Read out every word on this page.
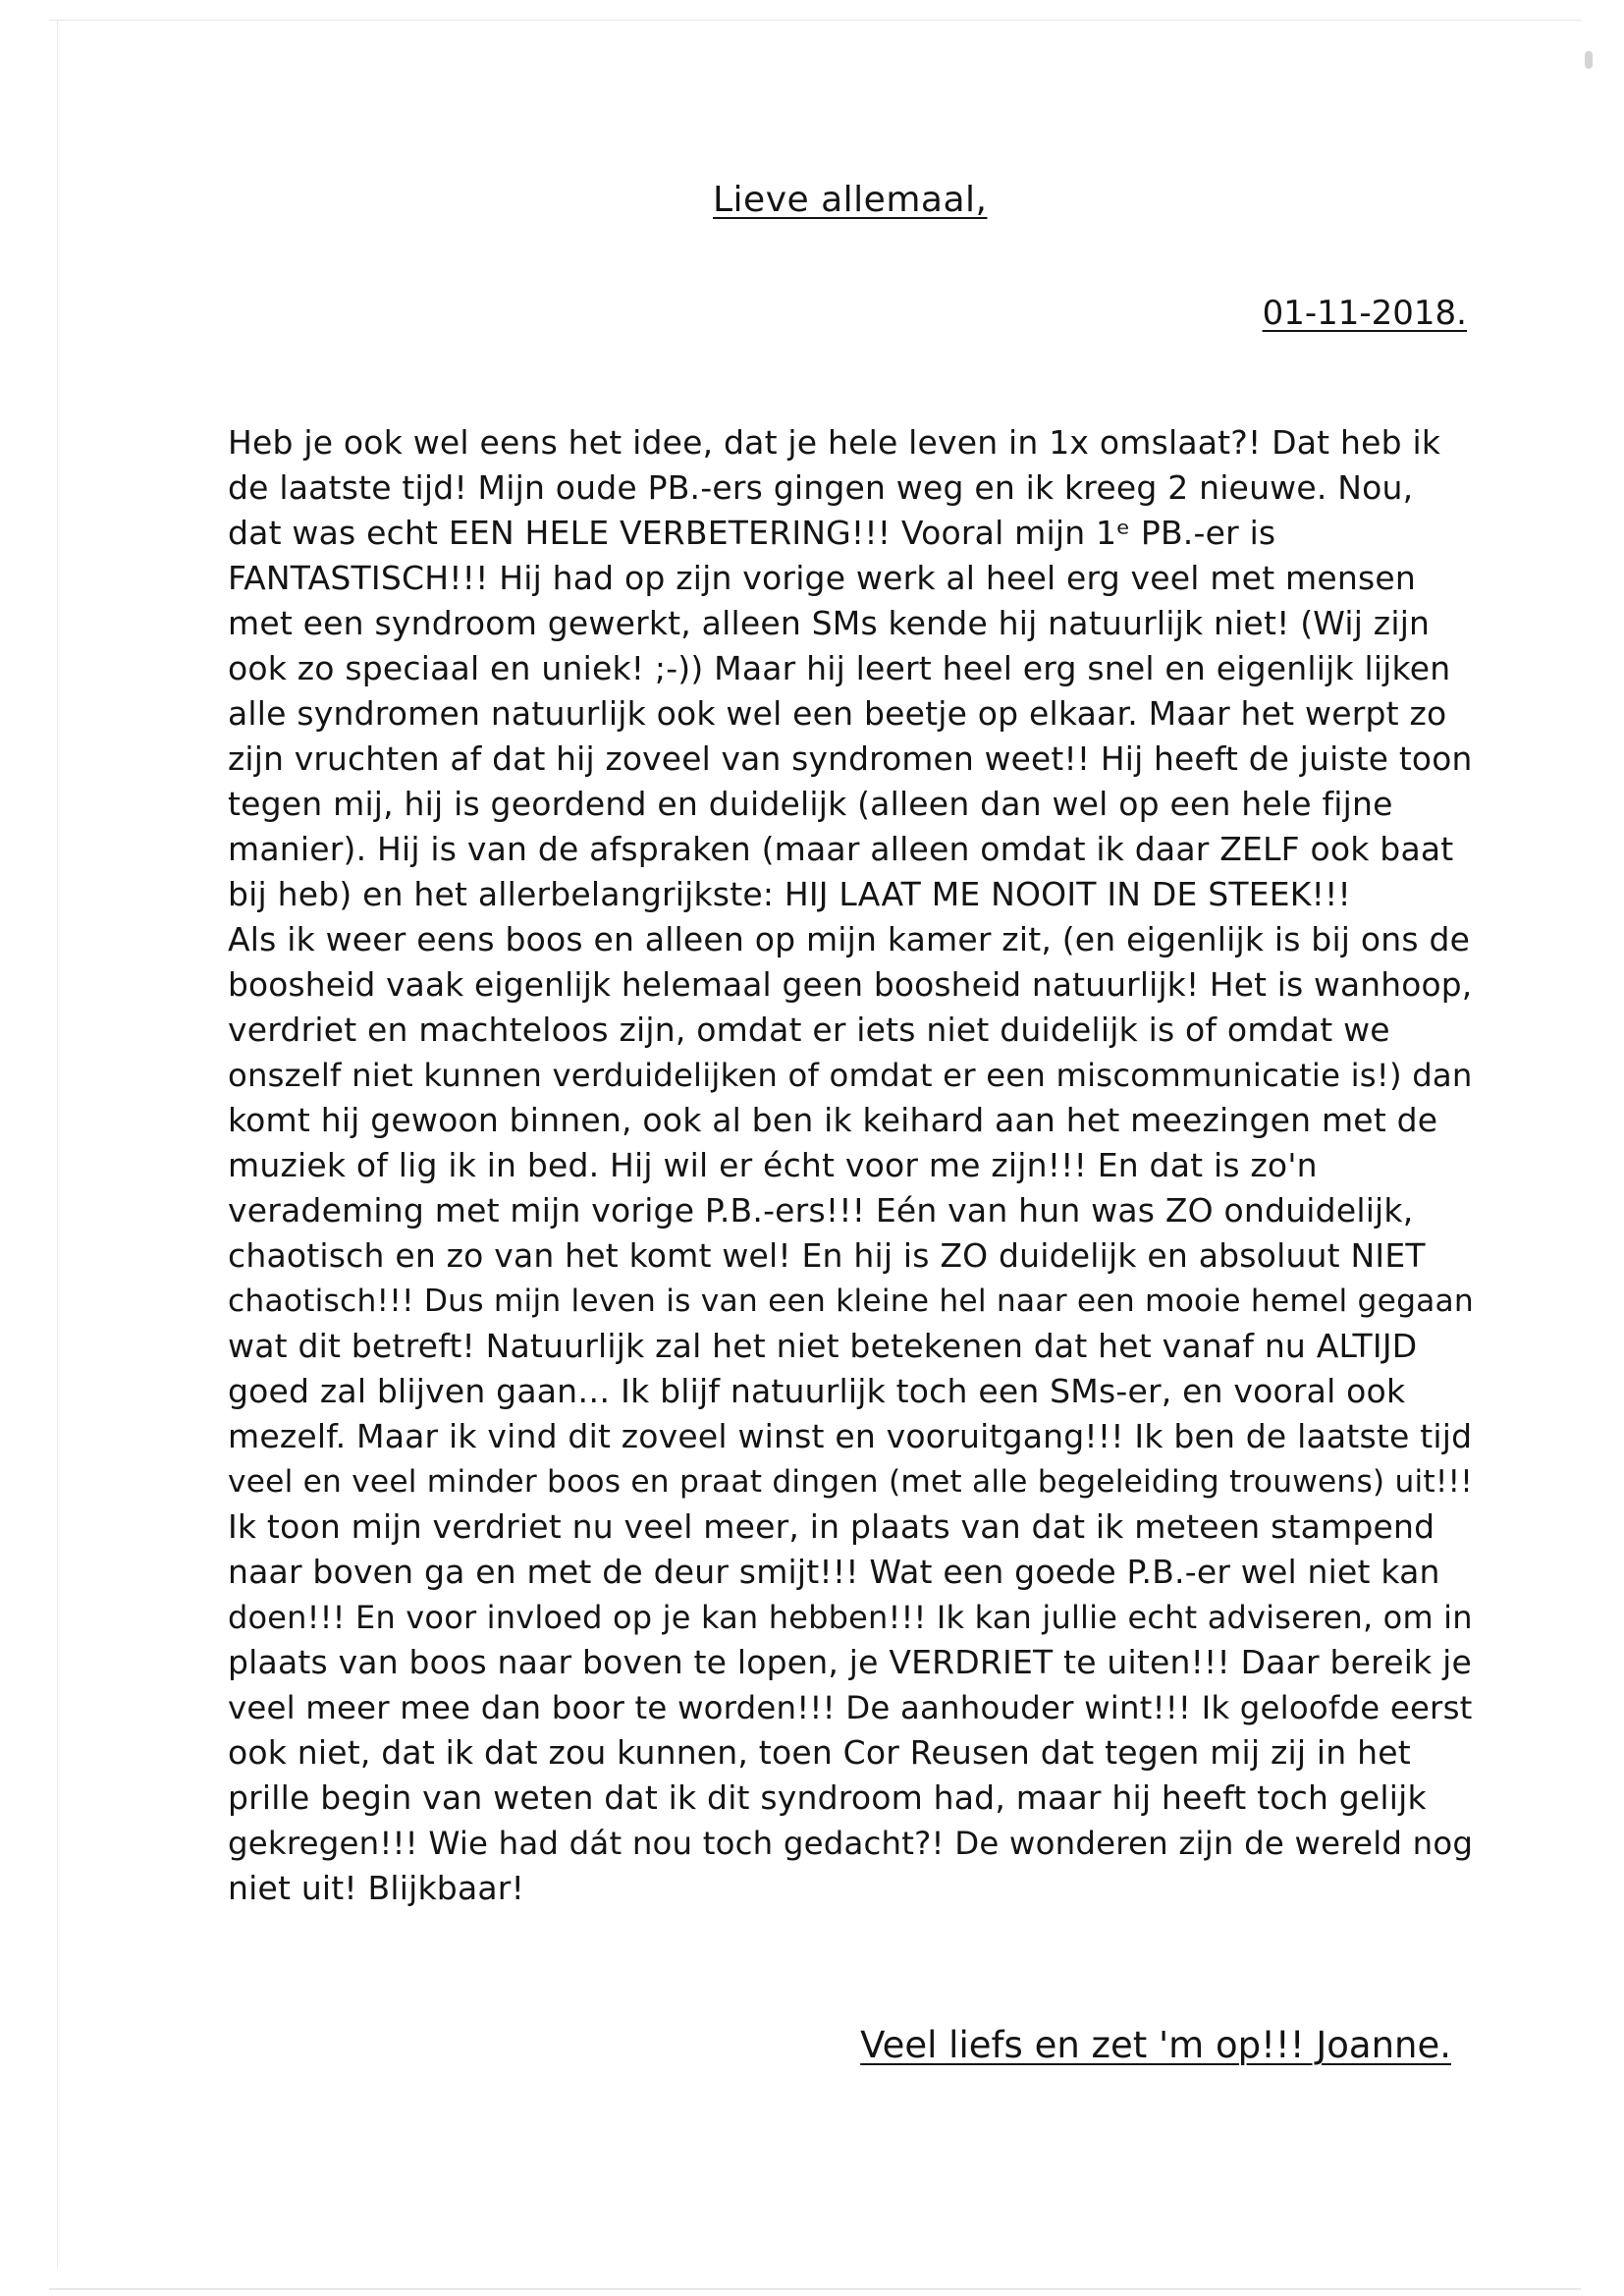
Lieve allemaal,
01-11-2018.
Heb je ook wel eens het idee, dat je hele leven in 1x omslaat?! Dat heb ik
de laatste tijd! Mijn oude PB.-ers gingen weg en ik kreeg 2 nieuwe. Nou,
dat was echt EEN HELE VERBETERING!!! Vooral mijn 1ᵉ PB.-er is
FANTASTISCH!!! Hij had op zijn vorige werk al heel erg veel met mensen
met een syndroom gewerkt, alleen SMs kende hij natuurlijk niet! (Wij zijn
ook zo speciaal en uniek! ;-)) Maar hij leert heel erg snel en eigenlijk lijken
alle syndromen natuurlijk ook wel een beetje op elkaar. Maar het werpt zo
zijn vruchten af dat hij zoveel van syndromen weet!! Hij heeft de juiste toon
tegen mij, hij is geordend en duidelijk (alleen dan wel op een hele fijne
manier). Hij is van de afspraken (maar alleen omdat ik daar ZELF ook baat
bij heb) en het allerbelangrijkste: HIJ LAAT ME NOOIT IN DE STEEK!!!
Als ik weer eens boos en alleen op mijn kamer zit, (en eigenlijk is bij ons de
boosheid vaak eigenlijk helemaal geen boosheid natuurlijk! Het is wanhoop,
verdriet en machteloos zijn, omdat er iets niet duidelijk is of omdat we
onszelf niet kunnen verduidelijken of omdat er een miscommunicatie is!) dan
komt hij gewoon binnen, ook al ben ik keihard aan het meezingen met de
muziek of lig ik in bed. Hij wil er écht voor me zijn!!! En dat is zo'n
verademing met mijn vorige P.B.-ers!!! Eén van hun was ZO onduidelijk,
chaotisch en zo van het komt wel! En hij is ZO duidelijk en absoluut NIET
chaotisch!!! Dus mijn leven is van een kleine hel naar een mooie hemel gegaan
wat dit betreft! Natuurlijk zal het niet betekenen dat het vanaf nu ALTIJD
goed zal blijven gaan… Ik blijf natuurlijk toch een SMs-er, en vooral ook
mezelf. Maar ik vind dit zoveel winst en vooruitgang!!! Ik ben de laatste tijd
veel en veel minder boos en praat dingen (met alle begeleiding trouwens) uit!!!
Ik toon mijn verdriet nu veel meer, in plaats van dat ik meteen stampend
naar boven ga en met de deur smijt!!! Wat een goede P.B.-er wel niet kan
doen!!! En voor invloed op je kan hebben!!! Ik kan jullie echt adviseren, om in
plaats van boos naar boven te lopen, je VERDRIET te uiten!!! Daar bereik je
veel meer mee dan boor te worden!!! De aanhouder wint!!! Ik geloofde eerst
ook niet, dat ik dat zou kunnen, toen Cor Reusen dat tegen mij zij in het
prille begin van weten dat ik dit syndroom had, maar hij heeft toch gelijk
gekregen!!! Wie had dát nou toch gedacht?! De wonderen zijn de wereld nog
niet uit! Blijkbaar!
Veel liefs en zet 'm op!!! Joanne.
